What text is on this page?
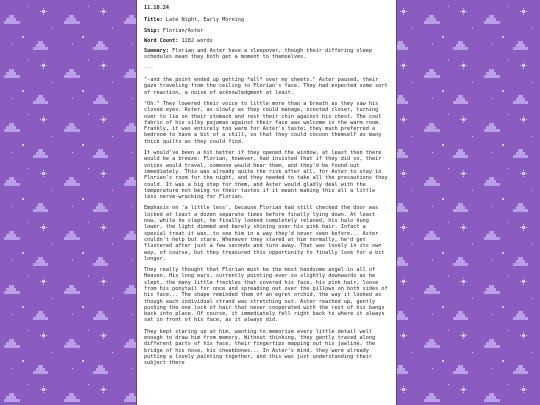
11.10.24

Title: Late Night, Early Morning

Ship: Florian/Aster

Word Count: 1282 words

Summary: Florian and Aster have a sleepover, though their differing sleep schedules mean they both get a moment to themselves.

---

"-and the point ended up getting *all* over my sheets." Aster paused, their gaze traveling from the ceiling to Florian's face. They had expected some sort of reaction, a noise of acknowledgment at least.

"Oh." They lowered their voice to little more than a breath as they saw his closed eyes. Aster, as slowly as they could manage, scooted closer, turning over to lie on their stomach and rest their chin against his chest. The cool fabric of his silky pajamas against their face was welcome in the warm room. Frankly, it was entirely too warm for Aster's taste; they much preferred a bedroom to have a bit of a chill, so that they could cocoon themself as many thick quilts as they could find.

It would've been a bit better if they opened the window, at least then there would be a breeze. Florian, however, had insisted that if they did so, their voices would travel, someone would hear them, and they'd be found out immediately. This was already quite the risk after all, for Aster to stay in Florian's room for the night, and they needed to take all the precautions they could. It was a big step for them, and Aster would gladly deal with the temperature not being to their tastes if it meant making this all a little less nerve-wracking for Florian.

Emphasis on 'a little less', because Florian had still checked the door was locked at least a dozen separate times before finally lying down. At least now, while he slept, he finally looked completely relaxed, his halo hung lower, the light dimmed and barely shining over his pink hair. Infact a special treat it was, to see him in a way they'd never seen before... Aster couldn't help but stare. Whenever they stared at him normally, he'd get flustered after just a few seconds and turn away. That was lovely in its own way, of course, but they treasured this opportunity to finally look for a bit longer.

They really thought that Florian must be the most handsome angel in all of Heaven. His long ears, currently pointing ever so slightly downwards as he slept, the many little freckles that covered his face, his pink hair, loose from his ponytail for once and spreading out over the pillows on both sides of his face... The shape reminded them of an egret orchid, the way it looked as though each individual strand was stretching out. Aster reached up, gently pushing the one lock of hair that never cooperated with the rest of his bangs back into place. Of course, it immediately fell right back to where it always sat in front of his face, as it always did.

They kept staring up at him, wanting to memorize every little detail well enough to draw him from memory. Without thinking, they gently traced along different parts of his face, their fingertips mapping out his jawline, the bridge of his nose, his cheekbones... In Aster's mind, they were already putting a lovely painting together, and this was just understanding their subject there
